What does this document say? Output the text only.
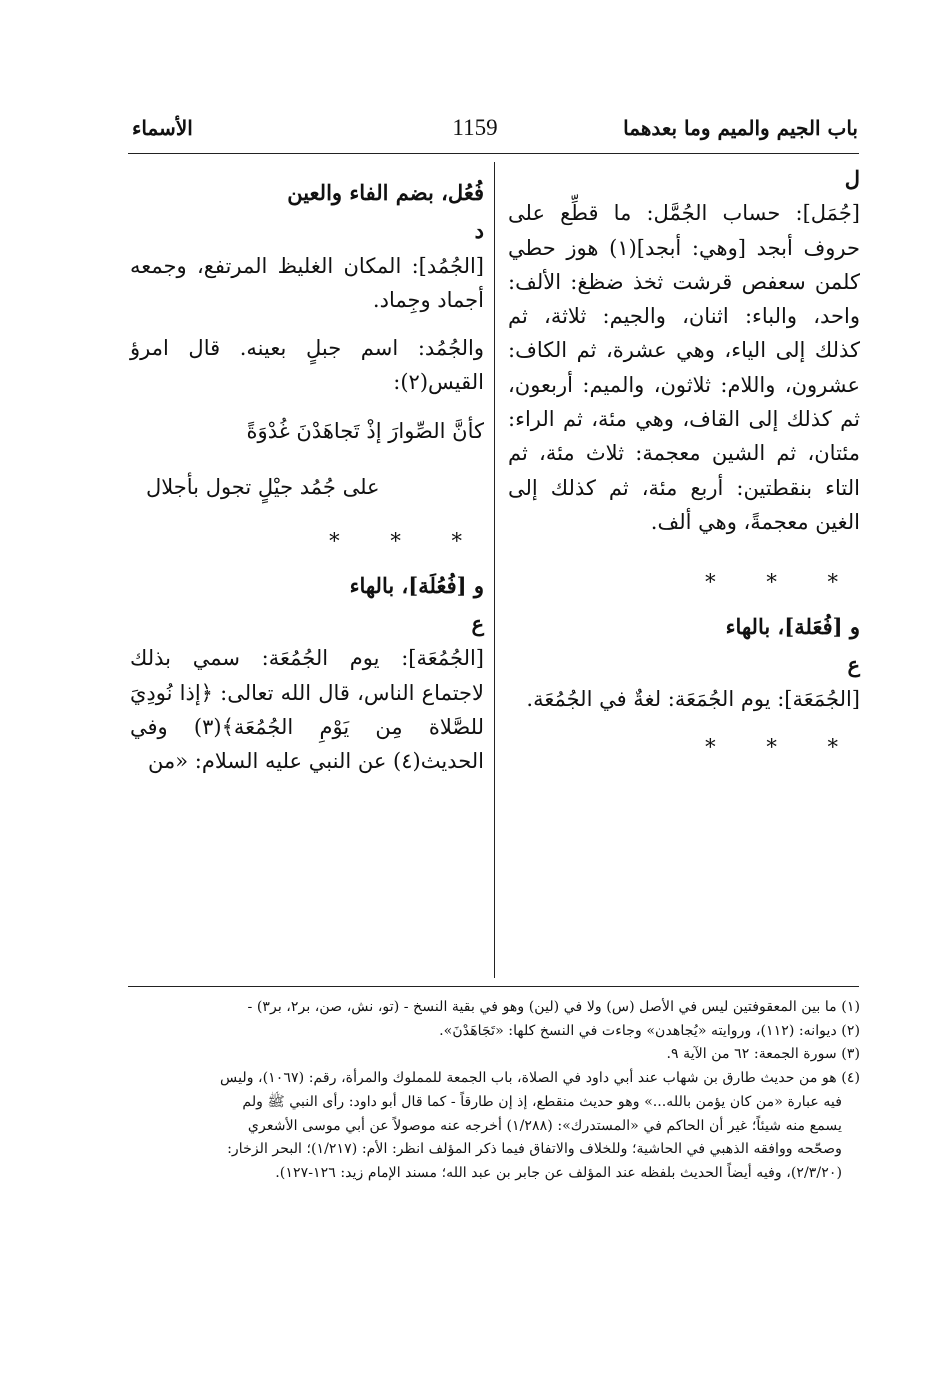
باب الجيم والميم وما بعدهما
1159
الأسماء

ل

[جُمَل]: حساب الجُمَّل: ما قطِّع على حروف أبجد [وهي: أبجد](١) هوز حطي كلمن سعفص قرشت ثخذ ضظغ: الألف: واحد، والباء: اثنان، والجيم: ثلاثة، ثم كذلك إلى الياء، وهي عشرة، ثم الكاف: عشرون، واللام: ثلاثون، والميم: أربعون، ثم كذلك إلى القاف، وهي مئة، ثم الراء: مئتان، ثم الشين معجمة: ثلاث مئة، ثم التاء بنقطتين: أربع مئة، ثم كذلك إلى الغين معجمةً، وهي ألف.

* * *

و [فُعَلة]، بالهاء

ع

[الجُمَعَة]: يوم الجُمَعَة: لغةٌ في الجُمُعَة.

* * *

فُعُل، بضم الفاء والعين

د

[الجُمُد]: المكان الغليظ المرتفع، وجمعه أجماد وجِماد.

والجُمُد: اسم جبلٍ بعينه. قال امرؤ القيس(٢):

كأنَّ الصِّوارَ إذْ تَجاهَدْنَ غُدْوَةً

على جُمُد جيْلٍ تجول بأجلال

* * *

و [فُعُلَة]، بالهاء

ع

[الجُمُعَة]: يوم الجُمُعَة: سمي بذلك لاجتماع الناس، قال الله تعالى: ﴿إذا نُودِيَ للصَّلاة مِن يَوْمِ الجُمُعَة﴾(٣) وفي الحديث(٤) عن النبي عليه السلام: «من

(١) ما بين المعقوفتين ليس في الأصل (س) ولا في (لين) وهو في بقية النسخ - (تو، نش، صن، بر٢، بر٣) -
(٢) ديوانه: (١١٢)، وروايته «يُجاهدن» وجاءت في النسخ كلها: «تَجَاهَدْنَ».
(٣) سورة الجمعة: ٦٢ من الآية ٩.
(٤) هو من حديث طارق بن شهاب عند أبي داود في الصلاة، باب الجمعة للمملوك والمرأة، رقم: (١٠٦٧)، وليس
فيه عبارة «من كان يؤمن بالله...» وهو حديث منقطع، إذ إن طارقاً - كما قال أبو داود: رأى النبي ﷺ ولم
يسمع منه شيئاً؛ غير أن الحاكم في «المستدرك»: (١/٢٨٨) أخرجه عنه موصولاً عن أبي موسى الأشعري
وصحّحه ووافقه الذهبي في الحاشية؛ وللخلاف والاتفاق فيما ذكر المؤلف انظر: الأم: (١/٢١٧)؛ البحر الزخار:
(٢/٣/٢٠)، وفيه أيضاً الحديث بلفظه عند المؤلف عن جابر بن عبد الله؛ مسند الإمام زيد: ١٢٦-١٢٧).
